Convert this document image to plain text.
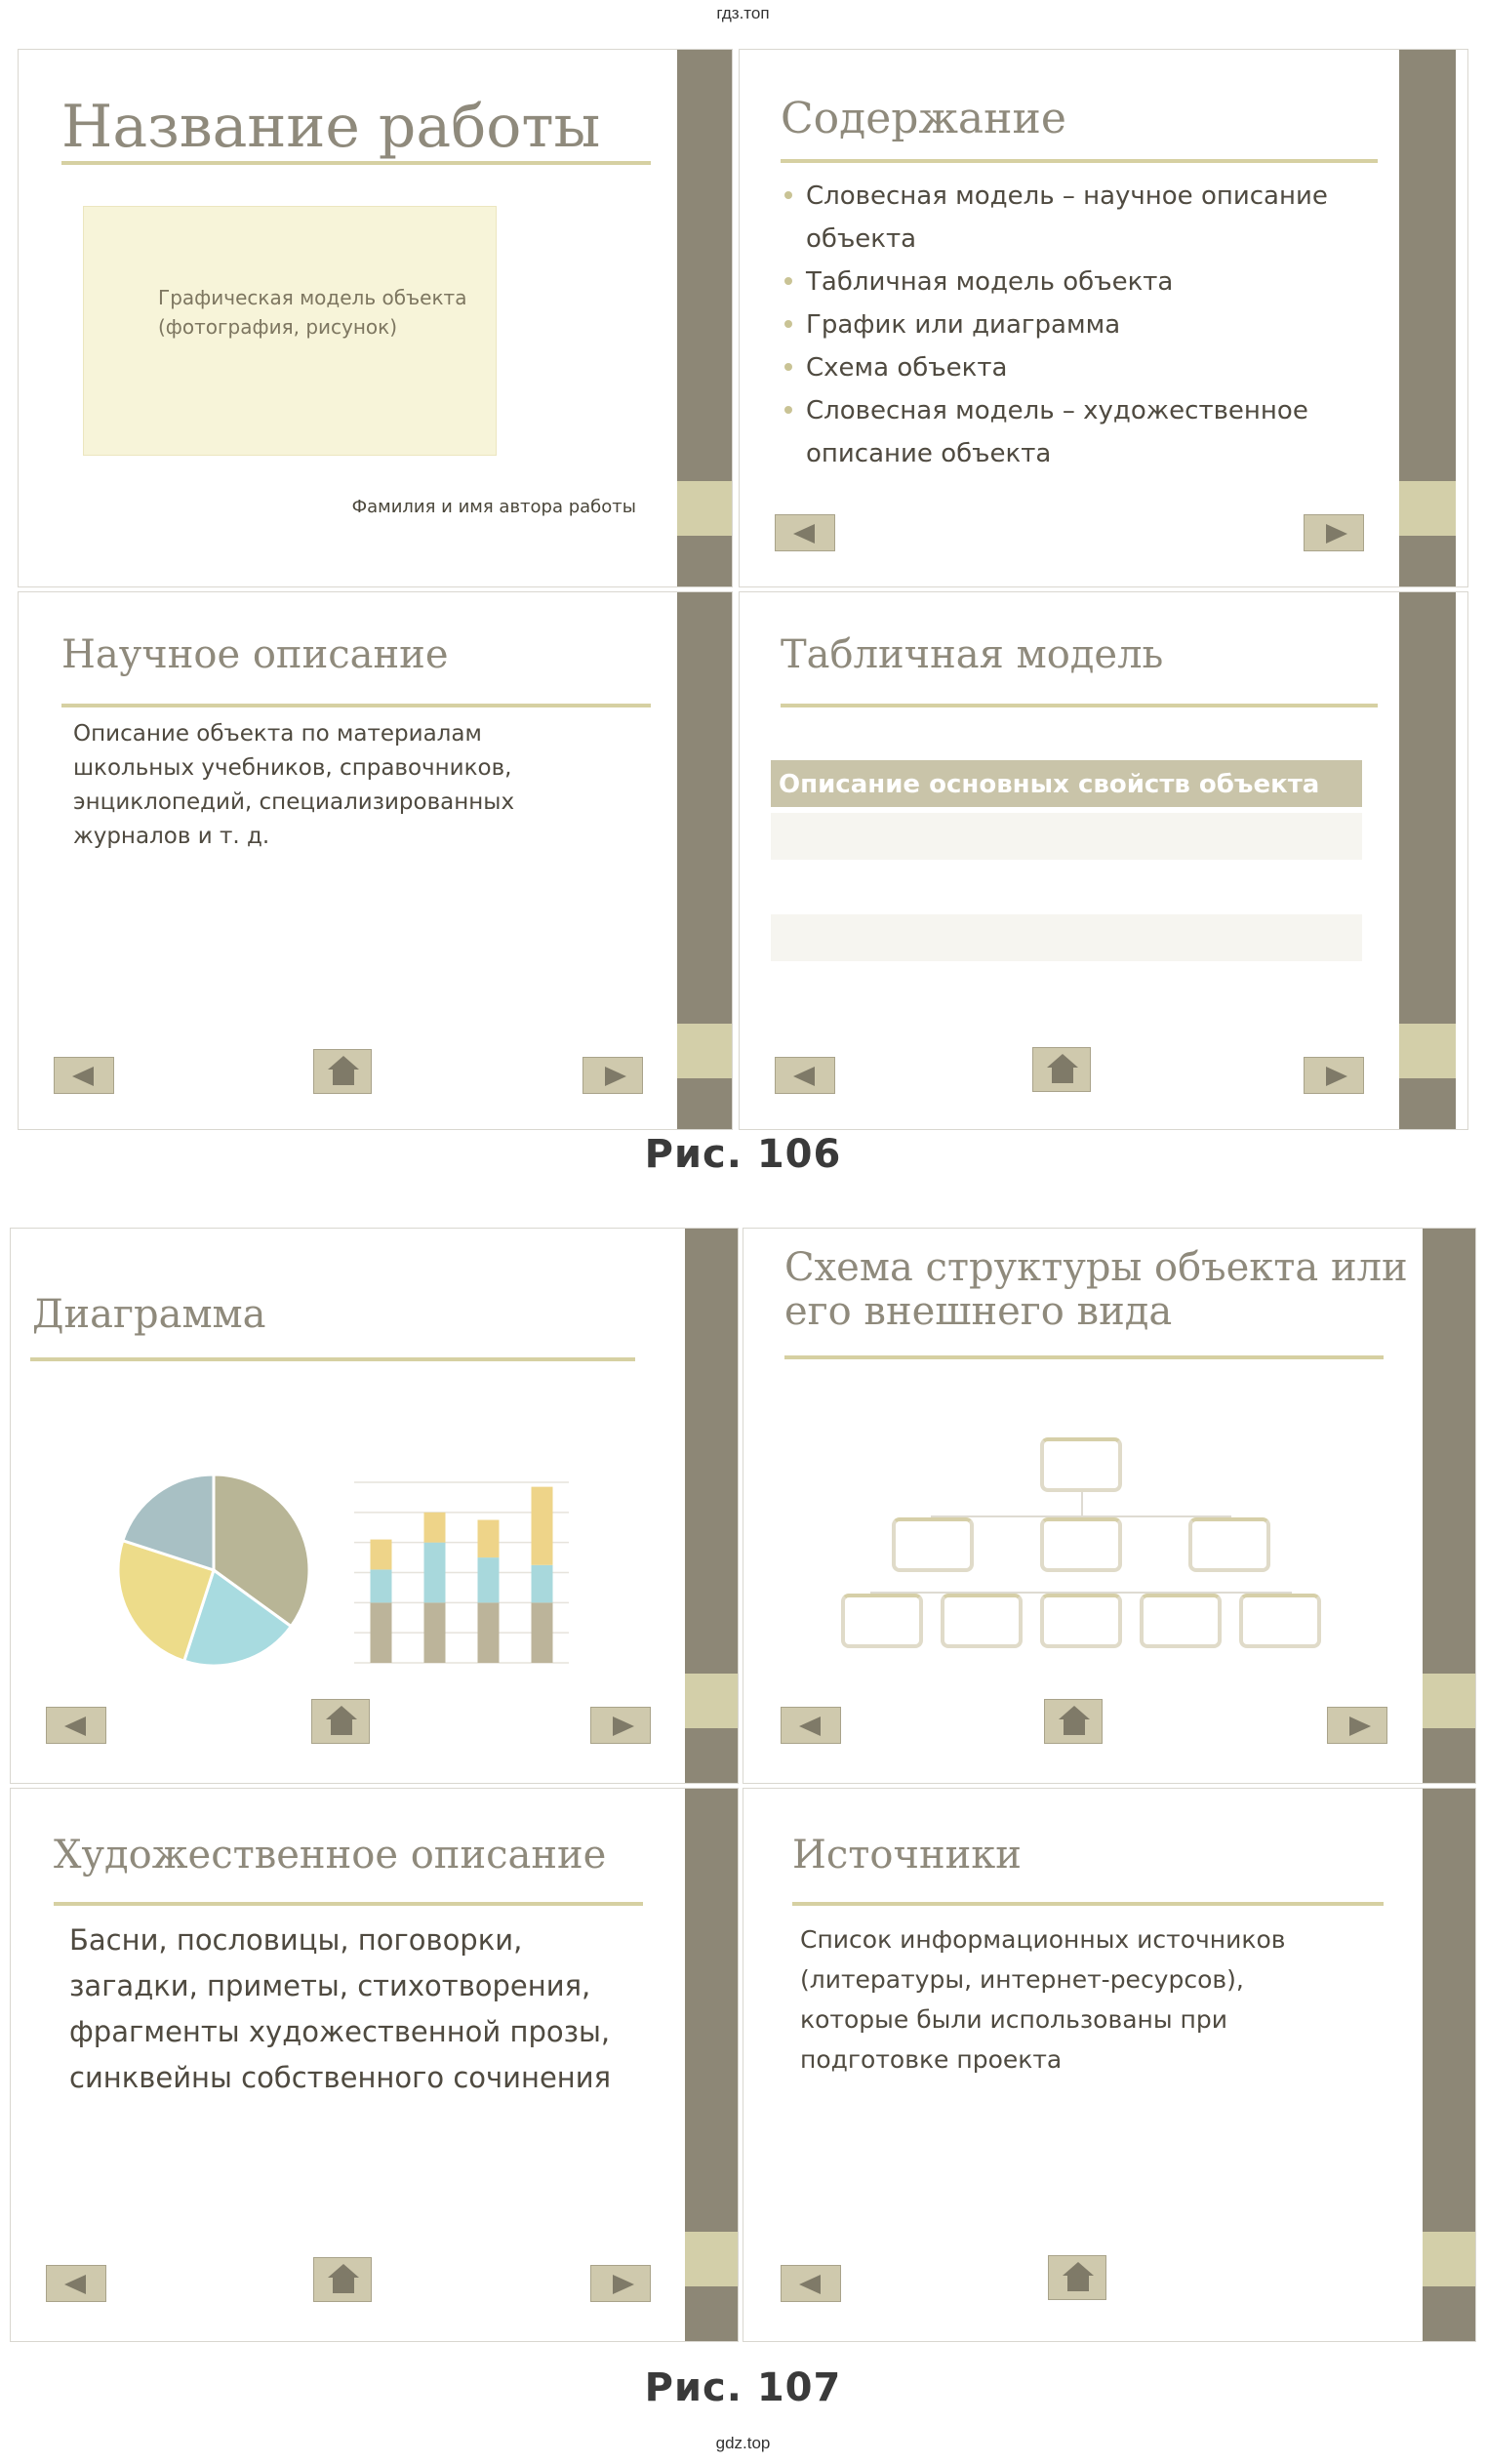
гдз.топ
Название работы
Графическая модель объекта
(фотография, рисунок)
Фамилия и имя автора работы
Содержание
Словесная модель – научное описание объекта
Табличная модель объекта
График или диаграмма
Схема объекта
Словесная модель – художественное описание объекта
Научное описание
Описание объекта по материалам
школьных учебников, справочников,
энциклопедий, специализированных
журналов и т. д.
Табличная модель
Описание основных свойств объекта
Рис. 106
Диаграмма
Схема структуры объекта или
его внешнего вида
Художественное описание
Басни, пословицы, поговорки,
загадки, приметы, стихотворения,
фрагменты художественной прозы,
синквейны собственного сочинения
Источники
Список информационных источников
(литературы, интернет-ресурсов),
которые были использованы при
подготовке проекта
Рис. 107
gdz.top
